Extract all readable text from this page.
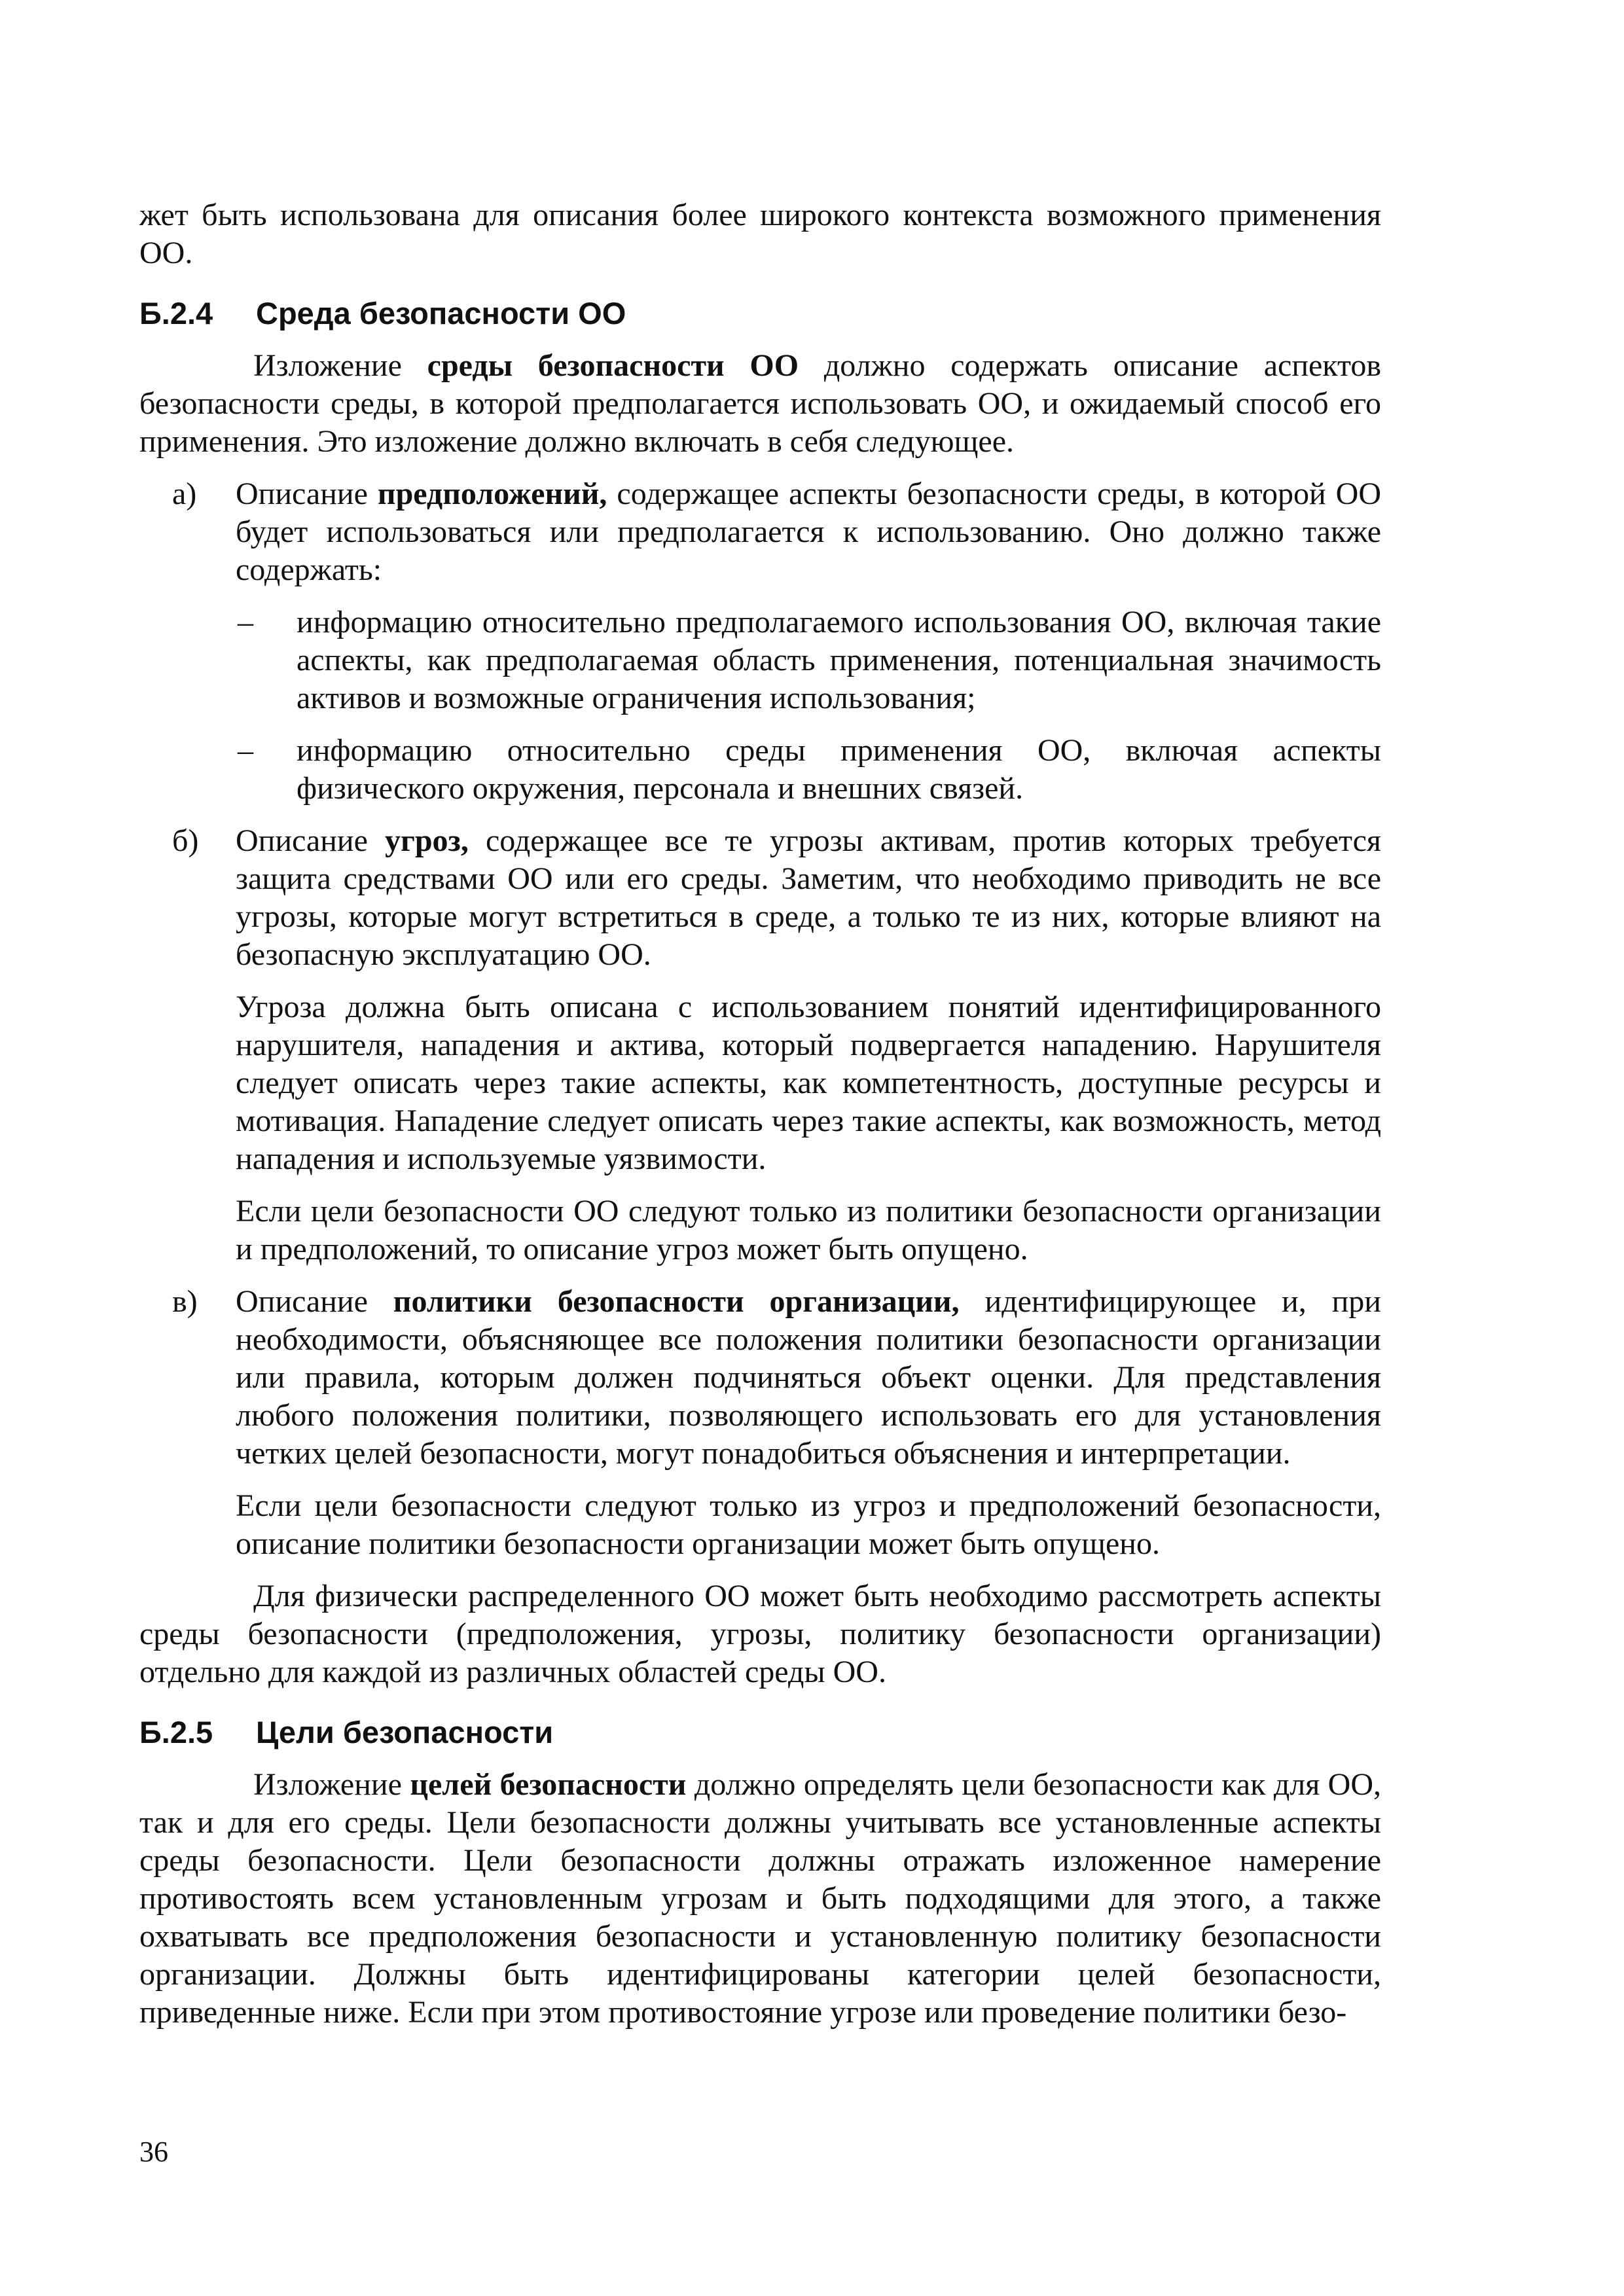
жет быть использована для описания более широкого контекста возможного применения ОО.

Б.2.4	Среда безопасности ОО

Изложение среды безопасности ОО должно содержать описание аспектов безопасности среды, в которой предполагается использовать ОО, и ожидаемый способ его применения. Это изложение должно включать в себя следующее.

а) Описание предположений, содержащее аспекты безопасности среды, в которой ОО будет использоваться или предполагается к использованию. Оно должно также содержать:

– информацию относительно предполагаемого использования ОО, включая такие аспекты, как предполагаемая область применения, потенциальная значимость активов и возможные ограничения использования;

– информацию относительно среды применения ОО, включая аспекты физического окружения, персонала и внешних связей.

б) Описание угроз, содержащее все те угрозы активам, против которых требуется защита средствами ОО или его среды. Заметим, что необходимо приводить не все угрозы, которые могут встретиться в среде, а только те из них, которые влияют на безопасную эксплуатацию ОО.

Угроза должна быть описана с использованием понятий идентифицированного нарушителя, нападения и актива, который подвергается нападению. Нарушителя следует описать через такие аспекты, как компетентность, доступные ресурсы и мотивация. Нападение следует описать через такие аспекты, как возможность, метод нападения и используемые уязвимости.

Если цели безопасности ОО следуют только из политики безопасности организации и предположений, то описание угроз может быть опущено.

в) Описание политики безопасности организации, идентифицирующее и, при необходимости, объясняющее все положения политики безопасности организации или правила, которым должен подчиняться объект оценки. Для представления любого положения политики, позволяющего использовать его для установления четких целей безопасности, могут понадобиться объяснения и интерпретации.

Если цели безопасности следуют только из угроз и предположений безопасности, описание политики безопасности организации может быть опущено.

Для физически распределенного ОО может быть необходимо рассмотреть аспекты среды безопасности (предположения, угрозы, политику безопасности организации) отдельно для каждой из различных областей среды ОО.

Б.2.5	Цели безопасности

Изложение целей безопасности должно определять цели безопасности как для ОО, так и для его среды. Цели безопасности должны учитывать все установленные аспекты среды безопасности. Цели безопасности должны отражать изложенное намерение противостоять всем установленным угрозам и быть подходящими для этого, а также охватывать все предположения безопасности и установленную политику безопасности организации. Должны быть идентифицированы категории целей безопасности, приведенные ниже. Если при этом противостояние угрозе или проведение политики безо-

36
